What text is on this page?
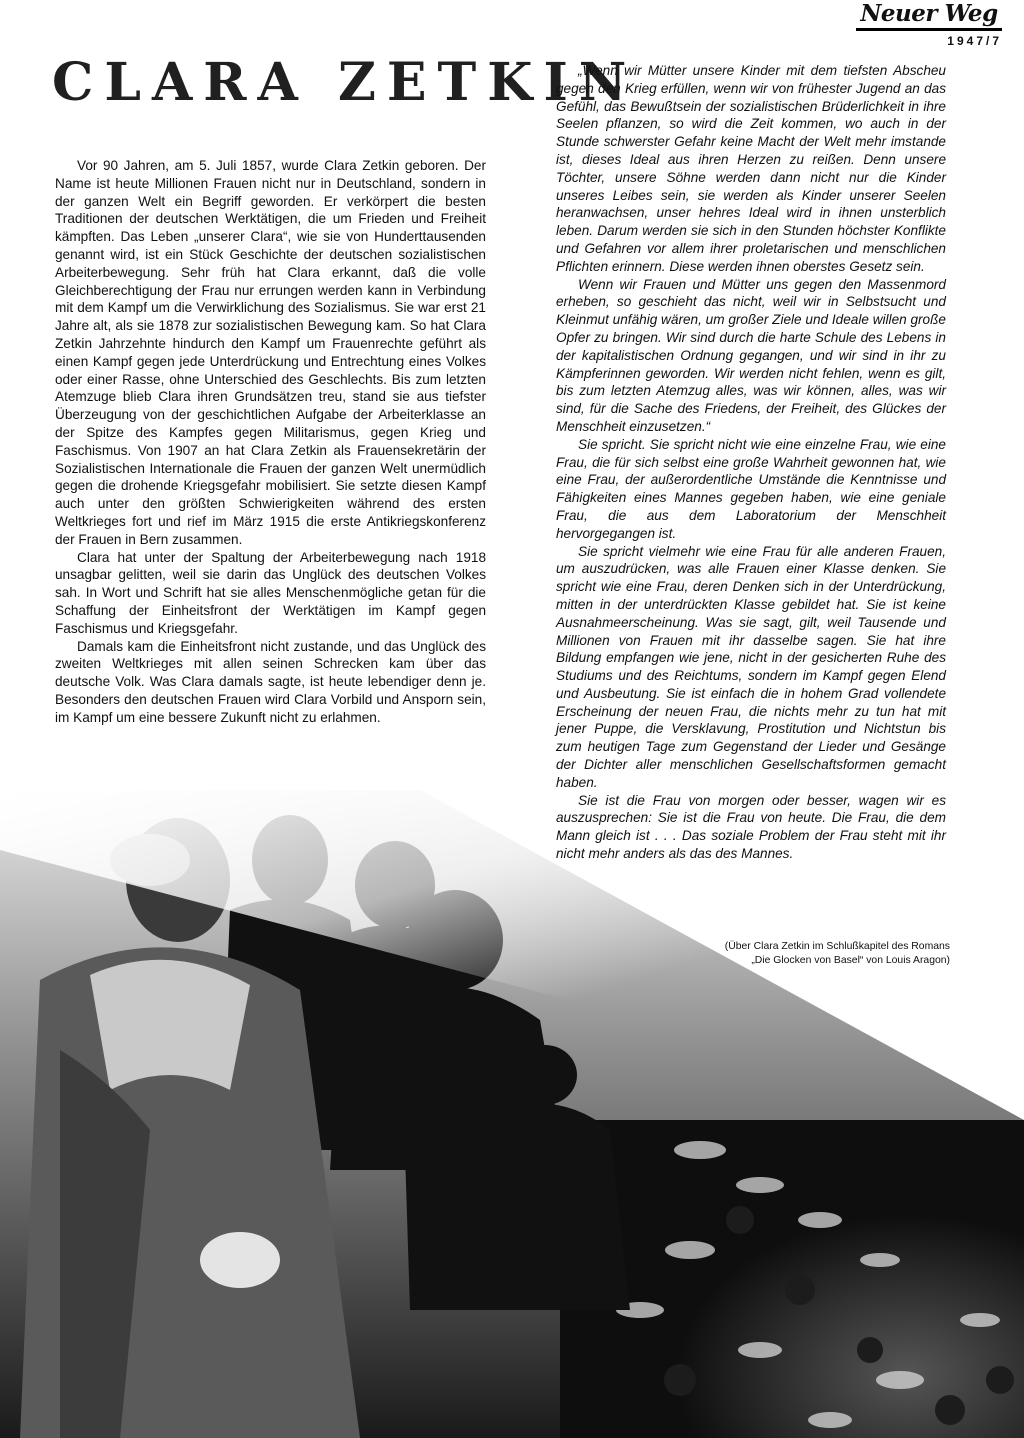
Neuer Weg
1947/7
CLARA ZETKIN

Vor 90 Jahren, am 5. Juli 1857, wurde Clara Zetkin geboren. Der Name ist heute Millionen Frauen nicht nur in Deutschland, sondern in der ganzen Welt ein Begriff geworden. Er verkörpert die besten Traditionen der deutschen Werktätigen, die um Frieden und Freiheit kämpften. Das Leben „unserer Clara“, wie sie von Hunderttausenden genannt wird, ist ein Stück Geschichte der deutschen sozialistischen Arbeiterbewegung. Sehr früh hat Clara erkannt, daß die volle Gleichberechtigung der Frau nur errungen werden kann in Verbindung mit dem Kampf um die Verwirklichung des Sozialismus. Sie war erst 21 Jahre alt, als sie 1878 zur sozialistischen Bewegung kam. So hat Clara Zetkin Jahrzehnte hindurch den Kampf um Frauenrechte geführt als einen Kampf gegen jede Unterdrückung und Entrechtung eines Volkes oder einer Rasse, ohne Unterschied des Geschlechts. Bis zum letzten Atemzuge blieb Clara ihren Grundsätzen treu, stand sie aus tiefster Überzeugung von der geschichtlichen Aufgabe der Arbeiterklasse an der Spitze des Kampfes gegen Militarismus, gegen Krieg und Faschismus. Von 1907 an hat Clara Zetkin als Frauensekretärin der Sozialistischen Internationale die Frauen der ganzen Welt unermüdlich gegen die drohende Kriegsgefahr mobilisiert. Sie setzte diesen Kampf auch unter den größten Schwierigkeiten während des ersten Weltkrieges fort und rief im März 1915 die erste Antikriegskonferenz der Frauen in Bern zusammen.

Clara hat unter der Spaltung der Arbeiterbewegung nach 1918 unsagbar gelitten, weil sie darin das Unglück des deutschen Volkes sah. In Wort und Schrift hat sie alles Menschenmögliche getan für die Schaffung der Einheitsfront der Werktätigen im Kampf gegen Faschismus und Kriegsgefahr.

Damals kam die Einheitsfront nicht zustande, und das Unglück des zweiten Weltkrieges mit allen seinen Schrecken kam über das deutsche Volk. Was Clara damals sagte, ist heute lebendiger denn je. Besonders den deutschen Frauen wird Clara Vorbild und Ansporn sein, im Kampf um eine bessere Zukunft nicht zu erlahmen.

„Wenn wir Mütter unsere Kinder mit dem tiefsten Abscheu gegen den Krieg erfüllen, wenn wir von frühester Jugend an das Gefühl, das Bewußtsein der sozialistischen Brüderlichkeit in ihre Seelen pflanzen, so wird die Zeit kommen, wo auch in der Stunde schwerster Gefahr keine Macht der Welt mehr imstande ist, dieses Ideal aus ihren Herzen zu reißen. Denn unsere Töchter, unsere Söhne werden dann nicht nur die Kinder unseres Leibes sein, sie werden als Kinder unserer Seelen heranwachsen, unser hehres Ideal wird in ihnen unsterblich leben. Darum werden sie sich in den Stunden höchster Konflikte und Gefahren vor allem ihrer proletarischen und menschlichen Pflichten erinnern. Diese werden ihnen oberstes Gesetz sein.

Wenn wir Frauen und Mütter uns gegen den Massenmord erheben, so geschieht das nicht, weil wir in Selbstsucht und Kleinmut unfähig wären, um großer Ziele und Ideale willen große Opfer zu bringen. Wir sind durch die harte Schule des Lebens in der kapitalistischen Ordnung gegangen, und wir sind in ihr zu Kämpferinnen geworden. Wir werden nicht fehlen, wenn es gilt, bis zum letzten Atemzug alles, was wir können, alles, was wir sind, für die Sache des Friedens, der Freiheit, des Glückes der Menschheit einzusetzen.“

Sie spricht. Sie spricht nicht wie eine einzelne Frau, wie eine Frau, die für sich selbst eine große Wahrheit gewonnen hat, wie eine Frau, der außerordentliche Umstände die Kenntnisse und Fähigkeiten eines Mannes gegeben haben, wie eine geniale Frau, die aus dem Laboratorium der Menschheit hervorgegangen ist.

Sie spricht vielmehr wie eine Frau für alle anderen Frauen, um auszudrücken, was alle Frauen einer Klasse denken. Sie spricht wie eine Frau, deren Denken sich in der Unterdrückung, mitten in der unterdrückten Klasse gebildet hat. Sie ist keine Ausnahmeerscheinung. Was sie sagt, gilt, weil Tausende und Millionen von Frauen mit ihr dasselbe sagen. Sie hat ihre Bildung empfangen wie jene, nicht in der gesicherten Ruhe des Studiums und des Reichtums, sondern im Kampf gegen Elend und Ausbeutung. Sie ist einfach die in hohem Grad vollendete Erscheinung der neuen Frau, die nichts mehr zu tun hat mit jener Puppe, die Versklavung, Prostitution und Nichtstun bis zum heutigen Tage zum Gegenstand der Lieder und Gesänge der Dichter aller menschlichen Gesellschaftsformen gemacht haben.

Sie ist die Frau von morgen oder besser, wagen wir es auszusprechen: Sie ist die Frau von heute. Die Frau, die dem Mann gleich ist . . . Das soziale Problem der Frau steht mit ihr nicht mehr anders als das des Mannes.

(Über Clara Zetkin im Schlußkapitel des Romans
„Die Glocken von Basel“ von Louis Aragon)
